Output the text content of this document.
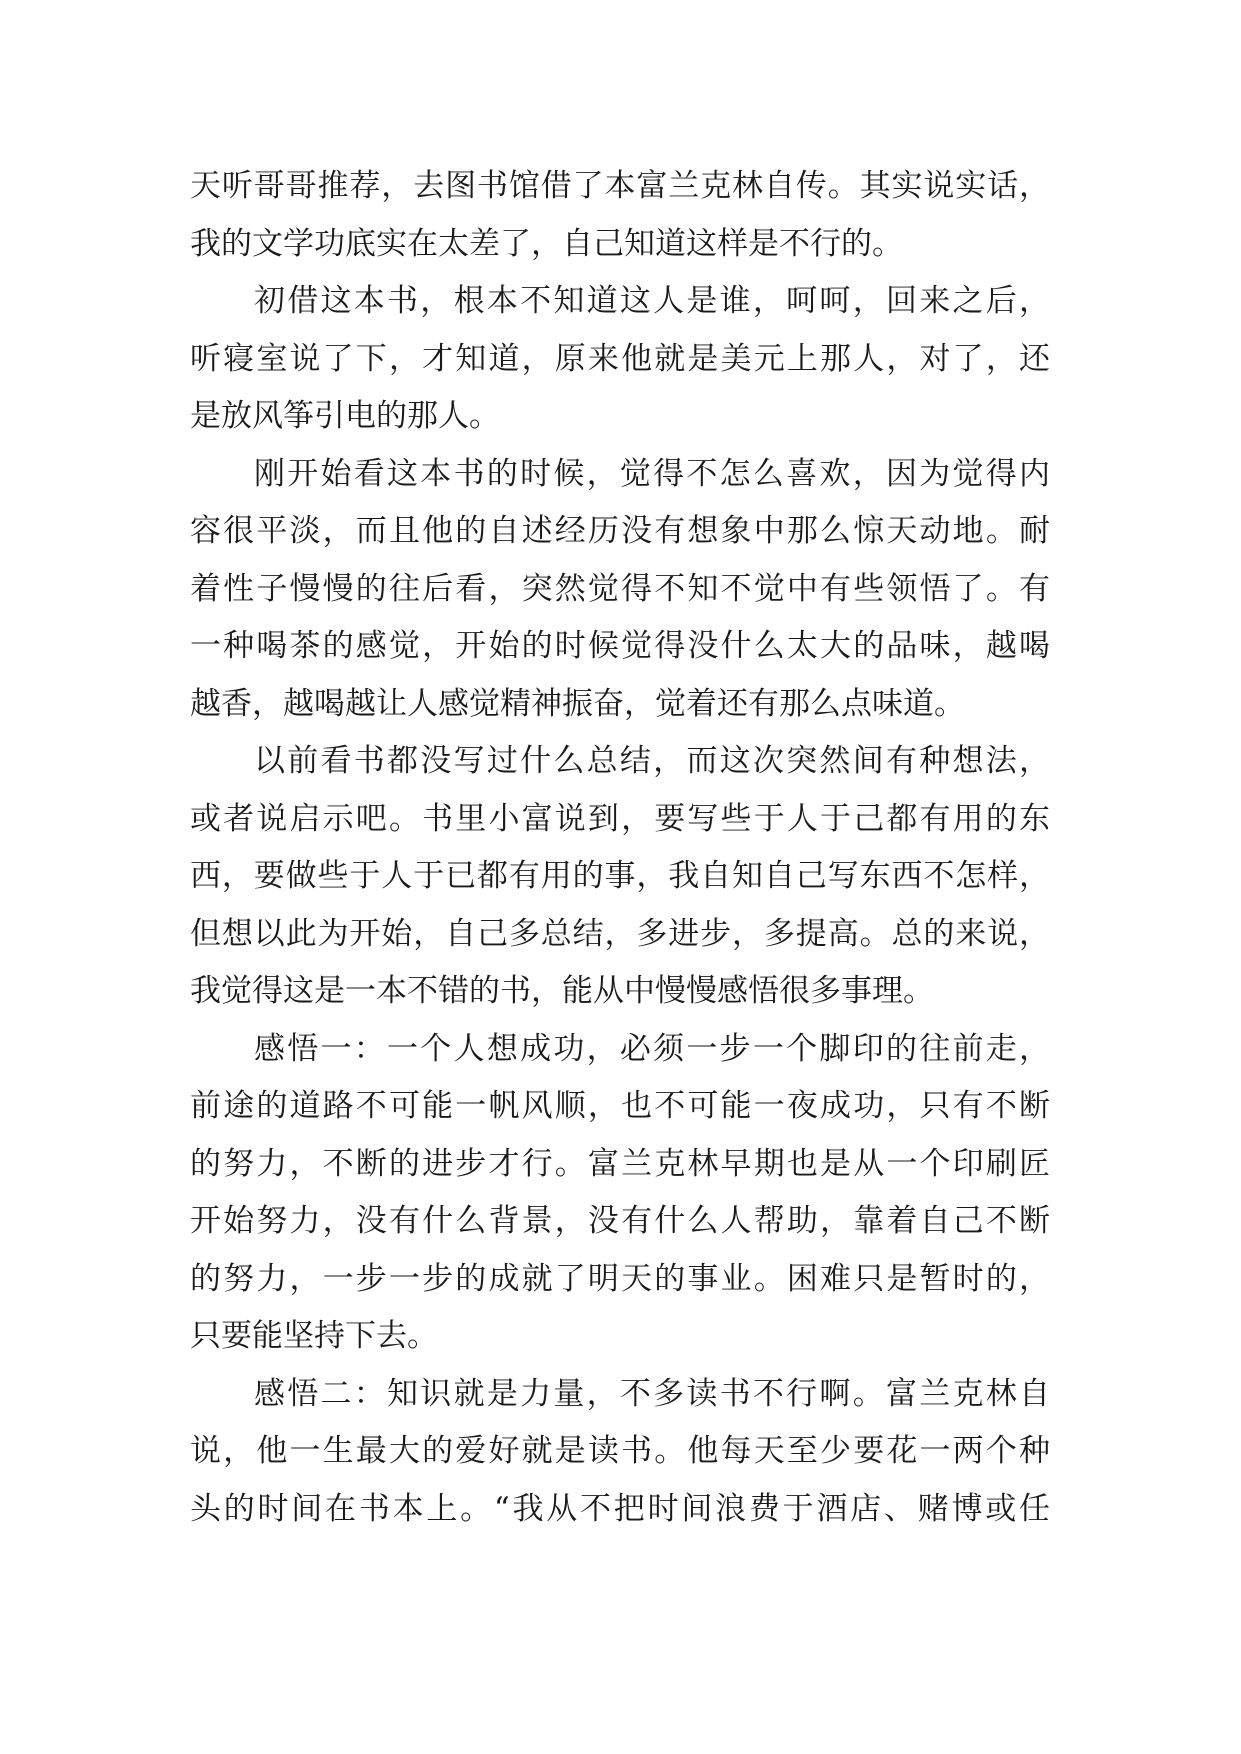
天听哥哥推荐，去图书馆借了本富兰克林自传。其实说实话，
我的文学功底实在太差了，自己知道这样是不行的。
初借这本书，根本不知道这人是谁，呵呵，回来之后，
听寝室说了下，才知道，原来他就是美元上那人，对了，还
是放风筝引电的那人。
刚开始看这本书的时候，觉得不怎么喜欢，因为觉得内
容很平淡，而且他的自述经历没有想象中那么惊天动地。耐
着性子慢慢的往后看，突然觉得不知不觉中有些领悟了。有
一种喝茶的感觉，开始的时候觉得没什么太大的品味，越喝
越香，越喝越让人感觉精神振奋，觉着还有那么点味道。
以前看书都没写过什么总结，而这次突然间有种想法，
或者说启示吧。书里小富说到，要写些于人于己都有用的东
西，要做些于人于已都有用的事，我自知自己写东西不怎样，
但想以此为开始，自己多总结，多进步，多提高。总的来说，
我觉得这是一本不错的书，能从中慢慢感悟很多事理。
感悟一：一个人想成功，必须一步一个脚印的往前走，
前途的道路不可能一帆风顺，也不可能一夜成功，只有不断
的努力，不断的进步才行。富兰克林早期也是从一个印刷匠
开始努力，没有什么背景，没有什么人帮助，靠着自己不断
的努力，一步一步的成就了明天的事业。困难只是暂时的，
只要能坚持下去。
感悟二：知识就是力量，不多读书不行啊。富兰克林自
说，他一生最大的爱好就是读书。他每天至少要花一两个种
头的时间在书本上。“我从不把时间浪费于酒店、赌博或任
